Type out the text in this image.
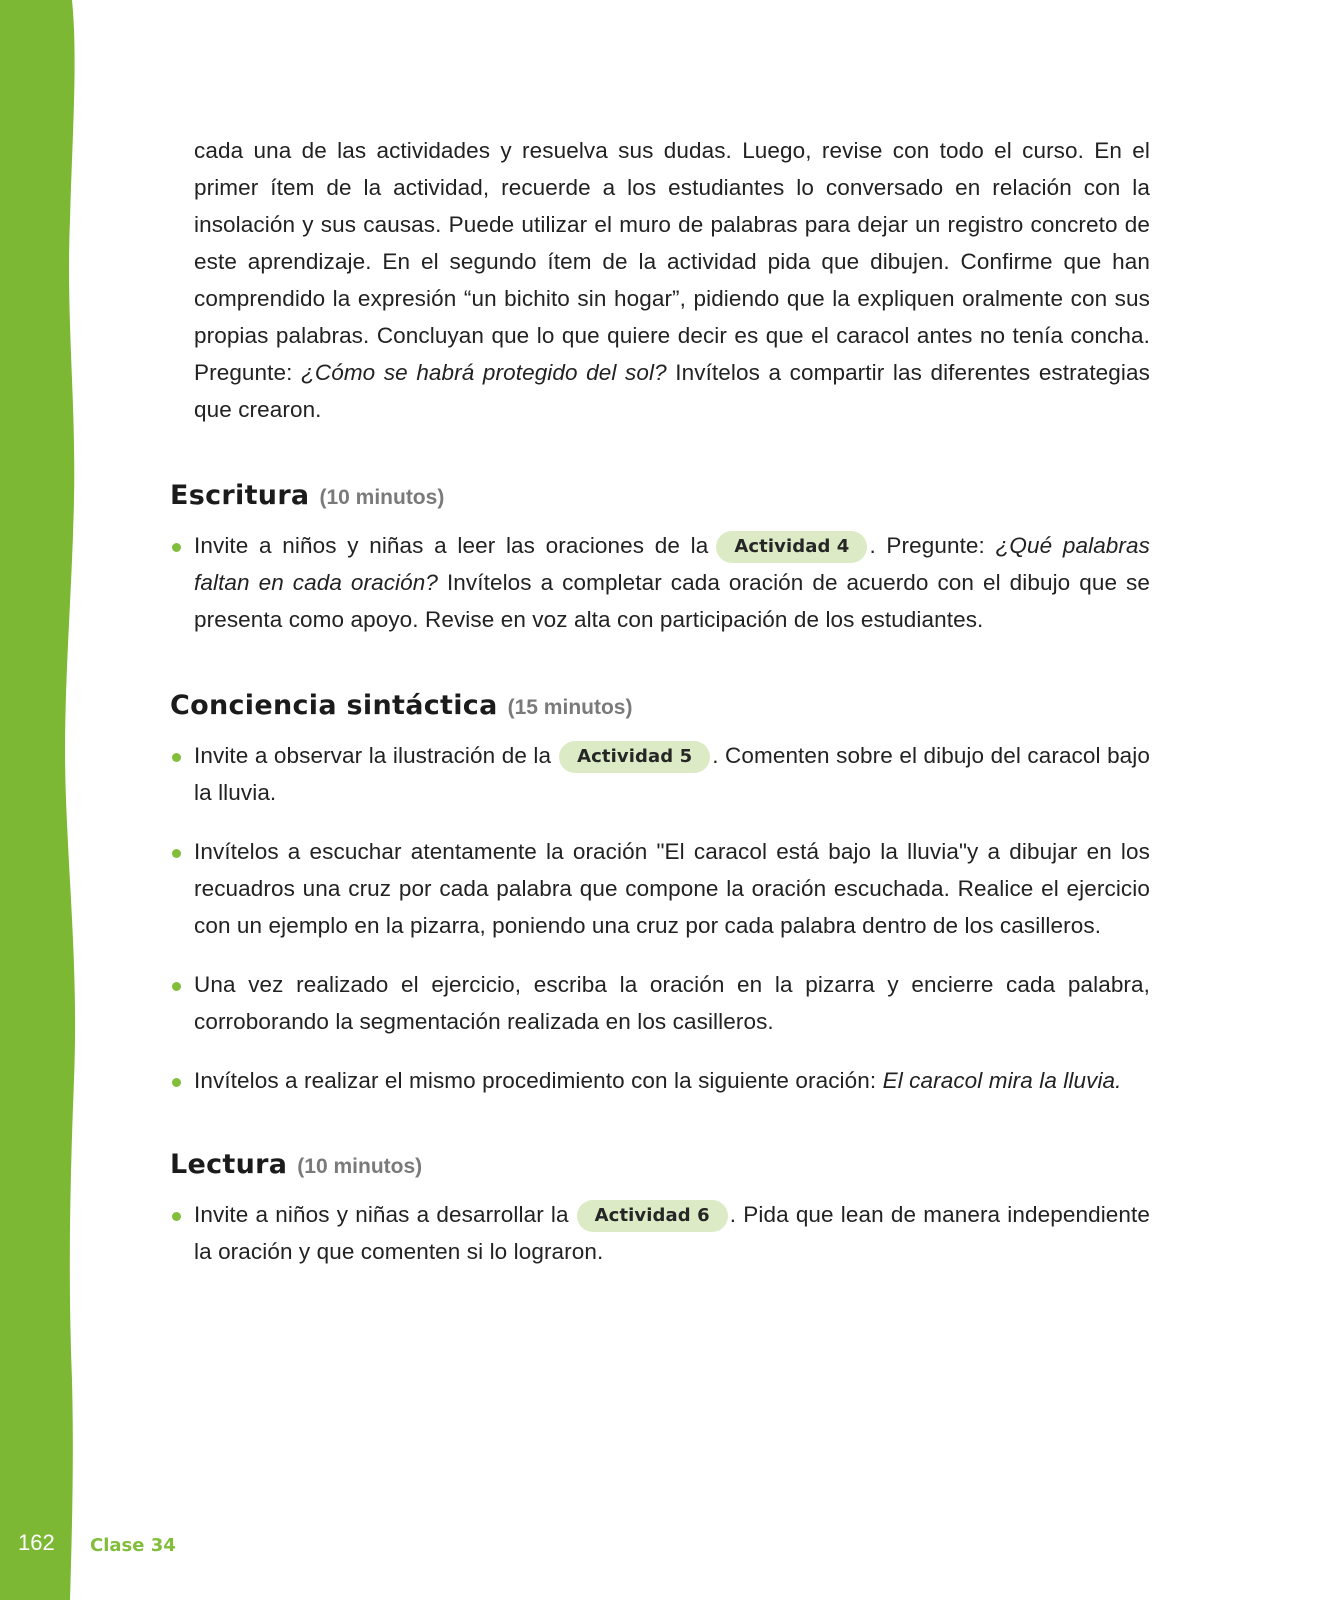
cada una de las actividades y resuelva sus dudas. Luego, revise con todo el curso. En el primer ítem de la actividad, recuerde a los estudiantes lo conversado en relación con la insolación y sus causas. Puede utilizar el muro de palabras para dejar un registro concreto de este aprendizaje. En el segundo ítem de la actividad pida que dibujen. Confirme que han comprendido la expresión “un bichito sin hogar”, pidiendo que la expliquen oralmente con sus propias palabras. Concluyan que lo que quiere decir es que el caracol antes no tenía concha. Pregunte: ¿Cómo se habrá protegido del sol? Invítelos a compartir las diferentes estrategias que crearon.

Escritura (10 minutos)
Invite a niños y niñas a leer las oraciones de la Actividad 4 . Pregunte: ¿Qué palabras faltan en cada oración? Invítelos a completar cada oración de acuerdo con el dibujo que se presenta como apoyo. Revise en voz alta con participación de los estudiantes.
Conciencia sintáctica (15 minutos)
Invite a observar la ilustración de la Actividad 5 . Comenten sobre el dibujo del caracol bajo la lluvia.
Invítelos a escuchar atentamente la oración "El caracol está bajo la lluvia"y a dibujar en los recuadros una cruz por cada palabra que compone la oración escuchada. Realice el ejercicio con un ejemplo en la pizarra, poniendo una cruz por cada palabra dentro de los casilleros.
Una vez realizado el ejercicio, escriba la oración en la pizarra y encierre cada palabra, corroborando la segmentación realizada en los casilleros.
Invítelos a realizar el mismo procedimiento con la siguiente oración: El caracol mira la lluvia.
Lectura (10 minutos)
Invite a niños y niñas a desarrollar la Actividad 6 . Pida que lean de manera independiente la oración y que comenten si lo lograron.
162 Clase 34
